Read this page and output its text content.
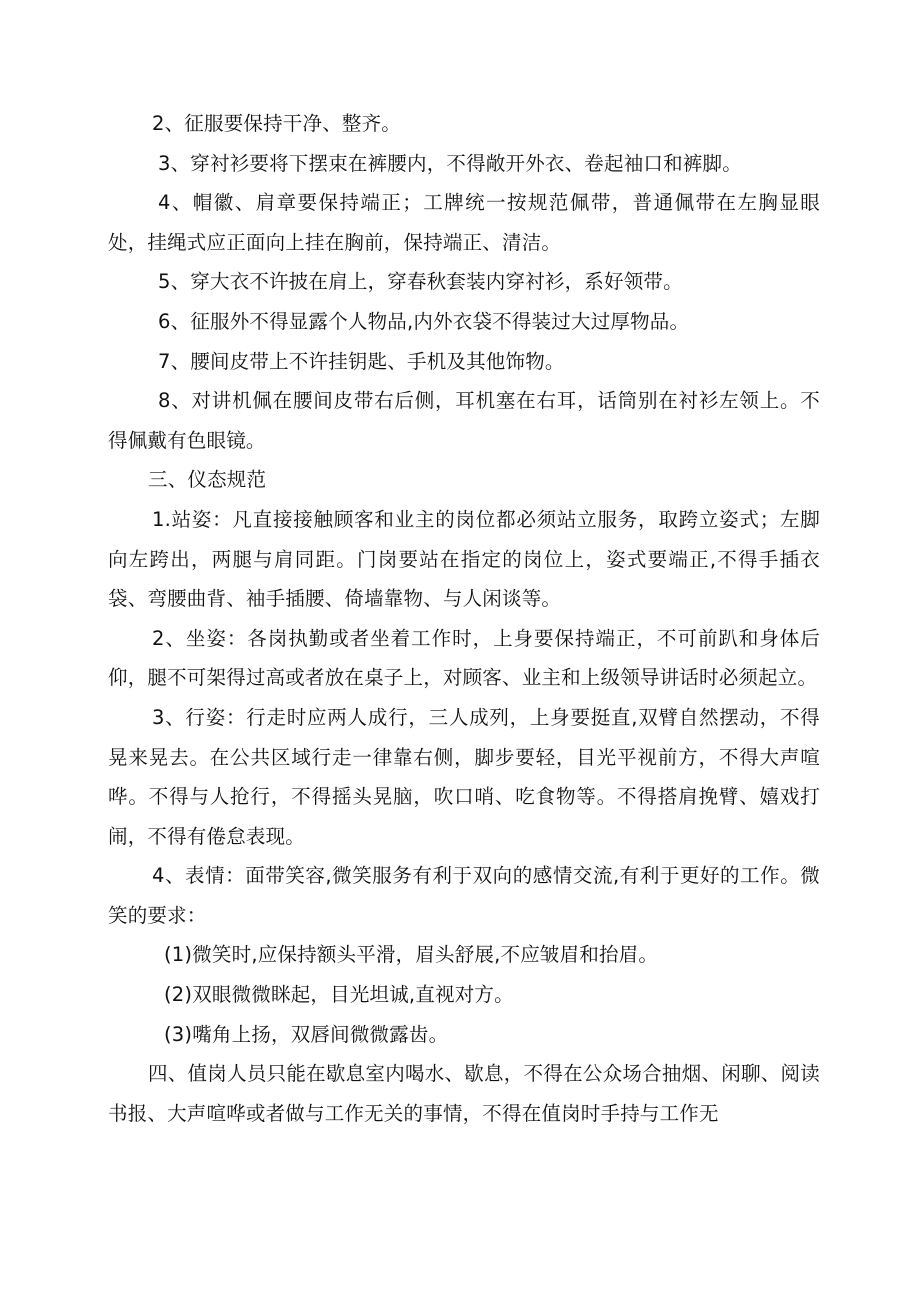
2、征服要保持干净、整齐。

3、穿衬衫要将下摆束在裤腰内，不得敞开外衣、卷起袖口和裤脚。

4、帽徽、肩章要保持端正；工牌统一按规范佩带，普通佩带在左胸显眼处，挂绳式应正面向上挂在胸前，保持端正、清洁。

5、穿大衣不许披在肩上，穿春秋套装内穿衬衫，系好领带。

6、征服外不得显露个人物品,内外衣袋不得装过大过厚物品。

7、腰间皮带上不许挂钥匙、手机及其他饰物。

8、对讲机佩在腰间皮带右后侧，耳机塞在右耳，话筒别在衬衫左领上。不得佩戴有色眼镜。

三、仪态规范

1.站姿：凡直接接触顾客和业主的岗位都必须站立服务，取跨立姿式；左脚向左跨出，两腿与肩同距。门岗要站在指定的岗位上，姿式要端正,不得手插衣袋、弯腰曲背、袖手插腰、倚墙靠物、与人闲谈等。

2、坐姿：各岗执勤或者坐着工作时，上身要保持端正，不可前趴和身体后仰，腿不可架得过高或者放在桌子上，对顾客、业主和上级领导讲话时必须起立。

3、行姿：行走时应两人成行，三人成列，上身要挺直,双臂自然摆动，不得晃来晃去。在公共区域行走一律靠右侧，脚步要轻，目光平视前方，不得大声喧哗。不得与人抢行，不得摇头晃脑，吹口哨、吃食物等。不得搭肩挽臂、嬉戏打闹，不得有倦怠表现。

4、表情：面带笑容,微笑服务有利于双向的感情交流,有利于更好的工作。微笑的要求：

(1)微笑时,应保持额头平滑，眉头舒展,不应皱眉和抬眉。

(2)双眼微微眯起，目光坦诚,直视对方。

(3)嘴角上扬，双唇间微微露齿。

四、值岗人员只能在歇息室内喝水、歇息，不得在公众场合抽烟、闲聊、阅读书报、大声喧哗或者做与工作无关的事情，不得在值岗时手持与工作无
